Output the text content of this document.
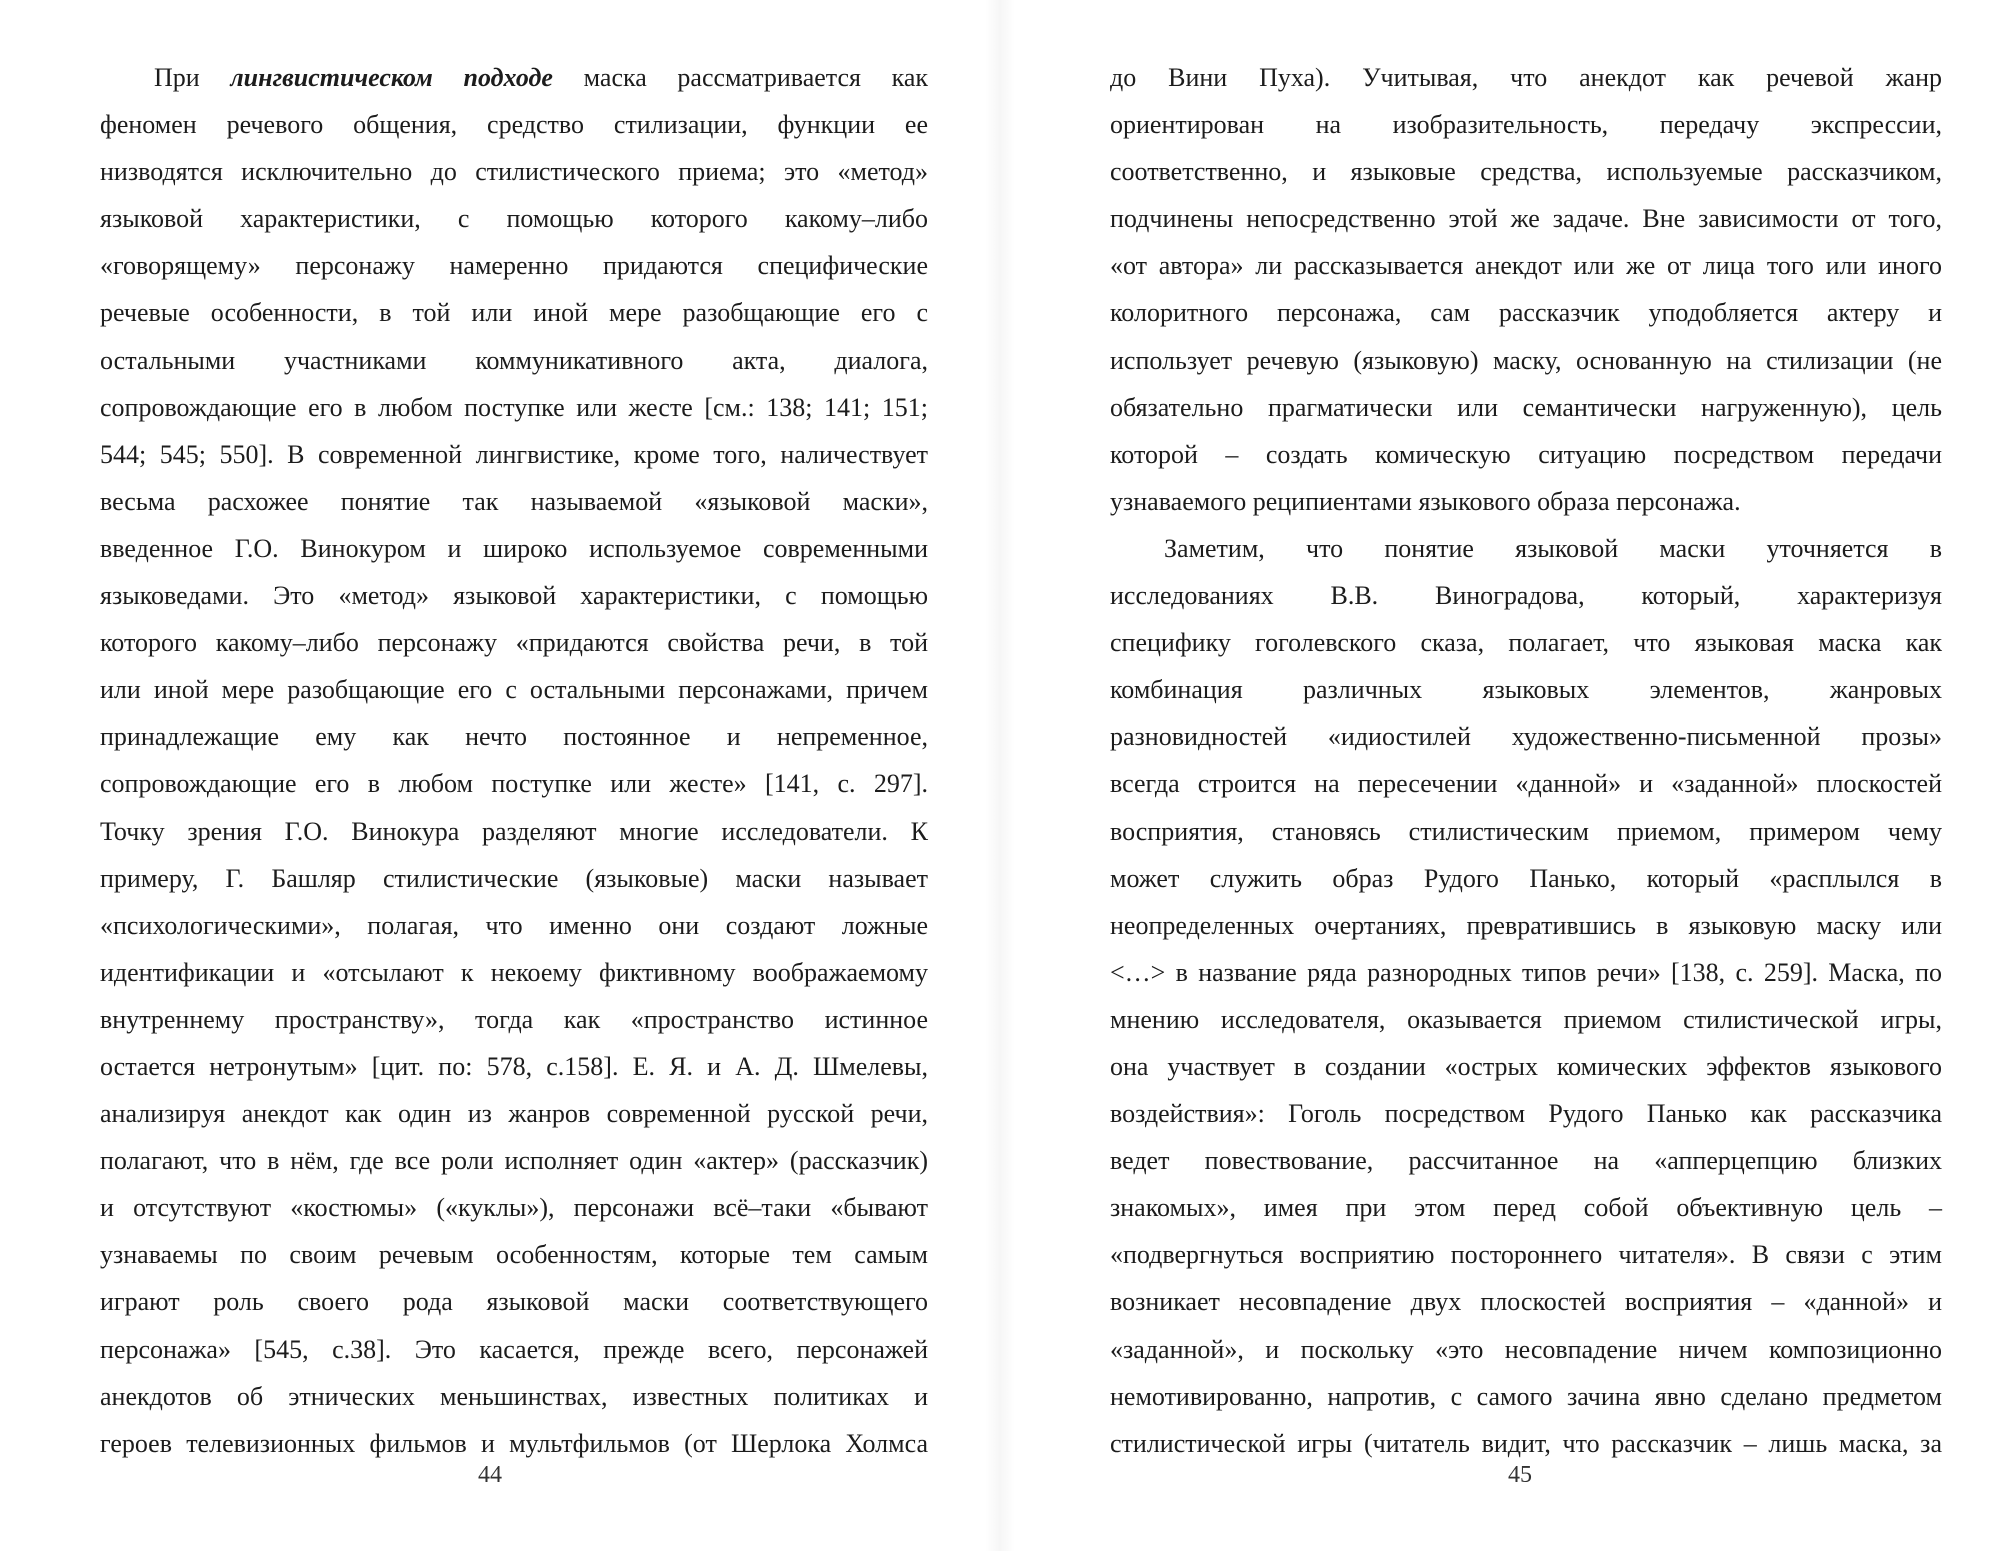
При лингвистическом подходе маска рассматривается как
феномен речевого общения, средство стилизации, функции ее
низводятся исключительно до стилистического приема; это «метод»
языковой характеристики, с помощью которого какому–либо
«говорящему» персонажу намеренно придаются специфические
речевые особенности, в той или иной мере разобщающие его с
остальными участниками коммуникативного акта, диалога,
сопровождающие его в любом поступке или жесте [см.: 138; 141; 151;
544; 545; 550]. В современной лингвистике, кроме того, наличествует
весьма расхожее понятие так называемой «языковой маски»,
введенное Г.О. Винокуром и широко используемое современными
языковедами. Это «метод» языковой характеристики, с помощью
которого какому–либо персонажу «придаются свойства речи, в той
или иной мере разобщающие его с остальными персонажами, причем
принадлежащие ему как нечто постоянное и непременное,
сопровождающие его в любом поступке или жесте» [141, с. 297].
Точку зрения Г.О. Винокура разделяют многие исследователи. К
примеру, Г. Башляр стилистические (языковые) маски называет
«психологическими», полагая, что именно они создают ложные
идентификации и «отсылают к некоему фиктивному воображаемому
внутреннему пространству», тогда как «пространство истинное
остается нетронутым» [цит. по: 578, с.158]. Е. Я. и А. Д. Шмелевы,
анализируя анекдот как один из жанров современной русской речи,
полагают, что в нём, где все роли исполняет один «актер» (рассказчик)
и отсутствуют «костюмы» («куклы»), персонажи всё–таки «бывают
узнаваемы по своим речевым особенностям, которые тем самым
играют роль своего рода языковой маски соответствующего
персонажа» [545, с.38]. Это касается, прежде всего, персонажей
анекдотов об этнических меньшинствах, известных политиках и
героев телевизионных фильмов и мультфильмов (от Шерлока Холмса
44
до Вини Пуха). Учитывая, что анекдот как речевой жанр
ориентирован на изобразительность, передачу экспрессии,
соответственно, и языковые средства, используемые рассказчиком,
подчинены непосредственно этой же задаче. Вне зависимости от того,
«от автора» ли рассказывается анекдот или же от лица того или иного
колоритного персонажа, сам рассказчик уподобляется актеру и
использует речевую (языковую) маску, основанную на стилизации (не
обязательно прагматически или семантически нагруженную), цель
которой – создать комическую ситуацию посредством передачи
узнаваемого реципиентами языкового образа персонажа.
Заметим, что понятие языковой маски уточняется в
исследованиях В.В. Виноградова, который, характеризуя
специфику гоголевского сказа, полагает, что языковая маска как
комбинация различных языковых элементов, жанровых
разновидностей «идиостилей художественно-письменной прозы»
всегда строится на пересечении «данной» и «заданной» плоскостей
восприятия, становясь стилистическим приемом, примером чему
может служить образ Рудого Панько, который «расплылся в
неопределенных очертаниях, превратившись в языковую маску или
<…> в название ряда разнородных типов речи» [138, с. 259]. Маска, по
мнению исследователя, оказывается приемом стилистической игры,
она участвует в создании «острых комических эффектов языкового
воздействия»: Гоголь посредством Рудого Панько как рассказчика
ведет повествование, рассчитанное на «апперцепцию близких
знакомых», имея при этом перед собой объективную цель –
«подвергнуться восприятию постороннего читателя». В связи с этим
возникает несовпадение двух плоскостей восприятия – «данной» и
«заданной», и поскольку «это несовпадение ничем композиционно
немотивированно, напротив, с самого зачина явно сделано предметом
стилистической игры (читатель видит, что рассказчик – лишь маска, за
45
